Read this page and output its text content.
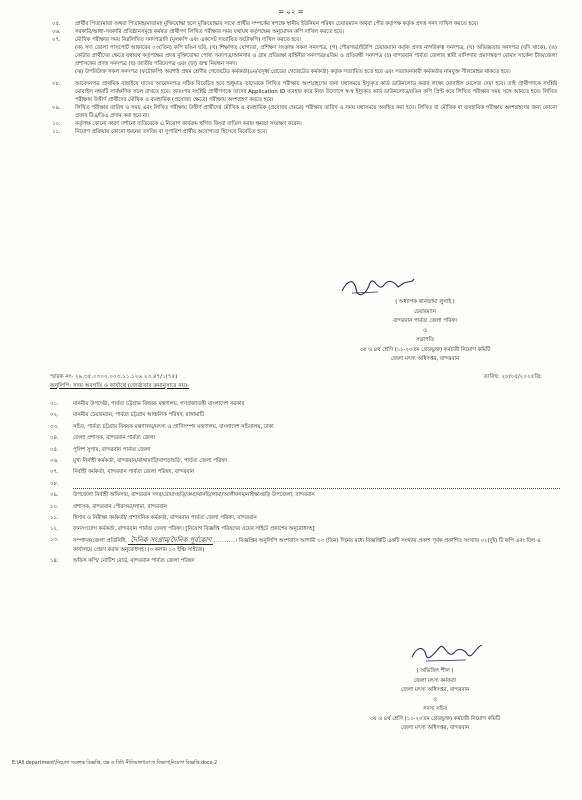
= ০২ =
০৫.	প্রার্থীর পিতা/মাতা অথবা পিতামহ/মাতামহ মুক্তিযোদ্ধা হলে মুক্তিযোদ্ধার সাথে প্রার্থীর সম্পর্কের স্বপক্ষে স্থানীয় ইউনিয়ন পরিষদ চেয়ারম্যান অথবা পৌর কর্তৃপক্ষ কর্তৃক প্রদত্ত সনদ দাখিল করতে হবে।
০৬.	সরকারি/আধা-সরকারি প্রতিষ্ঠানসমূহে কর্মরত প্রার্থীগণ লিখিত পরীক্ষার সময় যথাযথ কর্তৃপক্ষের অনুমোদন কপি দাখিল করতে হবে।
০৭.	মৌখিক পরীক্ষার সময় নিম্নলিখিত সনদপত্রাদি (মূলকপি এবং একসেট সত্যায়িত ফটোকপি) দাখিল করতে হবে।
(ক) সদ্য তোলা পাসপোর্ট আকারের ০৩(তিন) কপি রঙিন ছবি, (খ) শিক্ষাগত যোগ্যতা, প্রশিক্ষণ সংক্রান্ত সকল সনদপত্র, (গ) পৌরসভা/ইউপি চেয়ারম্যান কর্তৃক প্রদত্ত নাগরিকত্ব সনদপত্র, (ঘ) অভিজ্ঞতার সনদপত্র (যদি থাকে), (ঙ) কোটার প্রার্থীদের ক্ষেত্রে যথাযথ কর্তৃপক্ষের প্রদত্ত মুক্তিযোদ্ধা পোষ্য সনদপত্র/আনসার ও গ্রাম প্রতিরক্ষা বাহিনীর সনদপত্র/এতিম ও প্রতিবন্ধী সনদপত্র (চ) বান্দরবান পার্বত্য জেলার স্থায়ী বাসিন্দার প্রমাণস্বরূপ বোমাং সার্কেল চীফ/জেলা প্রশাসকের প্রদত্ত সনদপত্র (ছ) জাতীয় পরিচয়পত্র এবং (জ) জন্ম নিবন্ধন সনদ।
(ঝ) উপরিউক্ত সকল সনদপত্র (ফটোকপি) অবশ্যই প্রথম শ্রেণীর গেজেটেড কর্মকর্তা(৯ম/তদূর্ধ্ব গ্রেডের গেজেটেড কর্মকর্তা) কর্তৃক সত্যায়িত হতে হবে এবং সত্যায়নকারী কর্মকর্তার নামযুক্ত সীলমোহর থাকতে হবে।
০৮.	আবেদনপত্র প্রাথমিক বাছাইয়ে যাদের আবেদনপত্র সঠিক বিবেচিত হবে শুধুমাত্র তাদেরকে লিখিত পরীক্ষায় অংশগ্রহণের জন্য যথাসময়ে ইস্যুকৃত কার্ড ডাউনলোড করার লক্ষ্যে মোবাইল মেসেজ দেয়া হবে। তাই প্রার্থীগণকে সংশ্লিষ্ট মোবাইল নম্বরটি সার্বক্ষণিক সচল রাখতে হবে। অতঃপর সংশ্লিষ্ট প্রার্থীগণকে তাদের Application ID ব্যবহার করে নিজ উদ্যোগে স্ব-স্ব ইস্যুকৃত কার্ড ডাউনলোড/রঙিন কপি প্রিন্ট করে লিখিত পরীক্ষার সময় সঙ্গে আনতে হবে। লিখিত পরীক্ষায় উত্তীর্ণ প্রার্থীদের মৌখিক ও ব্যবহারিক (প্রযোজ্য ক্ষেত্রে) পরীক্ষায় অংশগ্রহণ করতে হবে।
০৯.	লিখিত পরীক্ষার তারিখ ও সময় এবং লিখিত পরীক্ষায় উত্তীর্ণ প্রার্থীদের মৌখিক ও ব্যবহারিক (প্রযোজ্য ক্ষেত্রে) পরীক্ষার তারিখ ও সময় যথাসময়ে অবহিত করা হবে। লিখিত বা মৌখিক বা ব্যবহারিক পরীক্ষায় অংশগ্রহণের জন্য কোনো প্রকার টিএ/ডিএ প্রদান করা হবে না।
১০.	কর্তৃপক্ষ কোনো কারণ দর্শানো ব্যতিরেকে এ নিয়োগ কার্যক্রম স্থগিত কিংবা বাতিল করার ক্ষমতা সংরক্ষণ করেন।
১১.	নিয়োগ প্রক্রিয়ায় কোনো ধরনের তদবির বা সুপারিশ প্রার্থীর অযোগ্যতা হিসেবে বিবেচিত হবে।
( অধ্যাপক থানজামা লুসাই )
চেয়ারম্যান
বান্দরবান পার্বত্য জেলা পরিষদ
ও
সভাপতি
৩য় ও ৪র্থ শ্রেণি (১১-২০তম গ্রেডভুক্ত) কর্মচারী নিয়োগ কমিটি
জেলা মৎস্য অধিদপ্তর, বান্দরবান
স্মারক নং- ২৯.৩৫.০৩০০.০০৩.১১.১২৬.২৩.৪৭/১(৭৫)	তারিখ: ২৮/০৫/২০২৫খ্রি:
অনুলিপি: সদয় অবগতি ও কার্যার্থে (জ্যেষ্ঠতার ক্রমানুসারে নয়)-
০১.	মাননীয় উপদেষ্টা, পার্বত্য চট্টগ্রাম বিষয়ক মন্ত্রণালয়, গণপ্রজাতন্ত্রী বাংলাদেশ সরকার
০২.	মাননীয় চেয়ারম্যান, পার্বত্য চট্টগ্রাম আঞ্চলিক পরিষদ, রাঙ্গামাটি
০৩.	সচিব, পার্বত্য চট্টগ্রাম বিষয়ক মন্ত্রণালয়/মৎস্য ও প্রাণিসম্পদ মন্ত্রণালয়, বাংলাদেশ সচিবালয়, ঢাকা
০৪.	জেলা প্রশাসক, বান্দরবান পার্বত্য জেলা
০৫.	পুলিশ সুপার, বান্দরবান পার্বত্য জেলা
০৬.	মুখ্য নির্বাহী কর্মকর্তা, বান্দরবান/রাঙ্গামাটি/খাগড়াছড়ি, পার্বত্য জেলা পরিষদ
০৭.	নির্বাহী কর্মকর্তা, বান্দরবান পার্বত্য জেলা পরিষদ, বান্দরবান
০৮.
০৯.	উপজেলা নির্বাহী অফিসার, বান্দরবান সদর/রোয়াংছড়ি/রুমা/থানচি/লামা/আলীকদম/নাইক্ষ্যংছড়ি উপজেলা, বান্দরবান
১০.	প্রশাসক, বান্দরবান পৌরসভা/লামা, বান্দরবান
১১.	হিসাব ও নিরীক্ষা কর্মকর্তা/ প্রশাসনিক কর্মকর্তা, বান্দরবান পার্বত্য জেলা পরিষদ, বান্দরবান
১২.	জনসংযোগ কর্মকর্তা, বান্দরবান পার্বত্য জেলা পরিষদ। [নিয়োগ বিজ্ঞপ্তি পরিষদের ওয়েব সাইটে প্রকাশের অনুরোধসহ]
১৩.	সম্পাদক/জেলা প্রতিনিধি, দৈনিক সংগ্রাম/দৈনিক পূর্বকোণ ..........। বিজ্ঞপ্তির অনুলিপি অংশবাদে আগামী ০৩ (তিন) দিনের মধ্যে বিজ্ঞপ্তিটি একটি সংখ্যায় প্রকাশ পূর্বক প্রকাশিত সংখ্যার ০২(দুই) টি কপি এবং বিল এ কার্যালয়ে প্রেরণ করার অনুরোধসহ। (৩ কলাম ১০ ইঞ্চি সাইজে)
১৪.	অফিস কপি/ নোটিশ বোর্ড, বান্দরবান পার্বত্য জেলা পরিষদ
( অভিজিৎ শীল )
জেলা মৎস্য কর্মকর্তা
জেলা মৎস্য অধিদপ্তর, বান্দরবান
ও
সদস্য সচিব
৩য় ও ৪র্থ শ্রেণি (১১-২০তম গ্রেডভুক্ত) কর্মচারী নিয়োগ কমিটি
জেলা মৎস্য অধিদপ্তর, বান্দরবান
E:\All department\নিয়োগ সংক্রান্ত বিজ্ঞপ্তি, যন্ত ও বিধি নীতিমালা\মৎস্য বিভাগ\নিয়োগ বিজ্ঞপ্তি.docx-2
